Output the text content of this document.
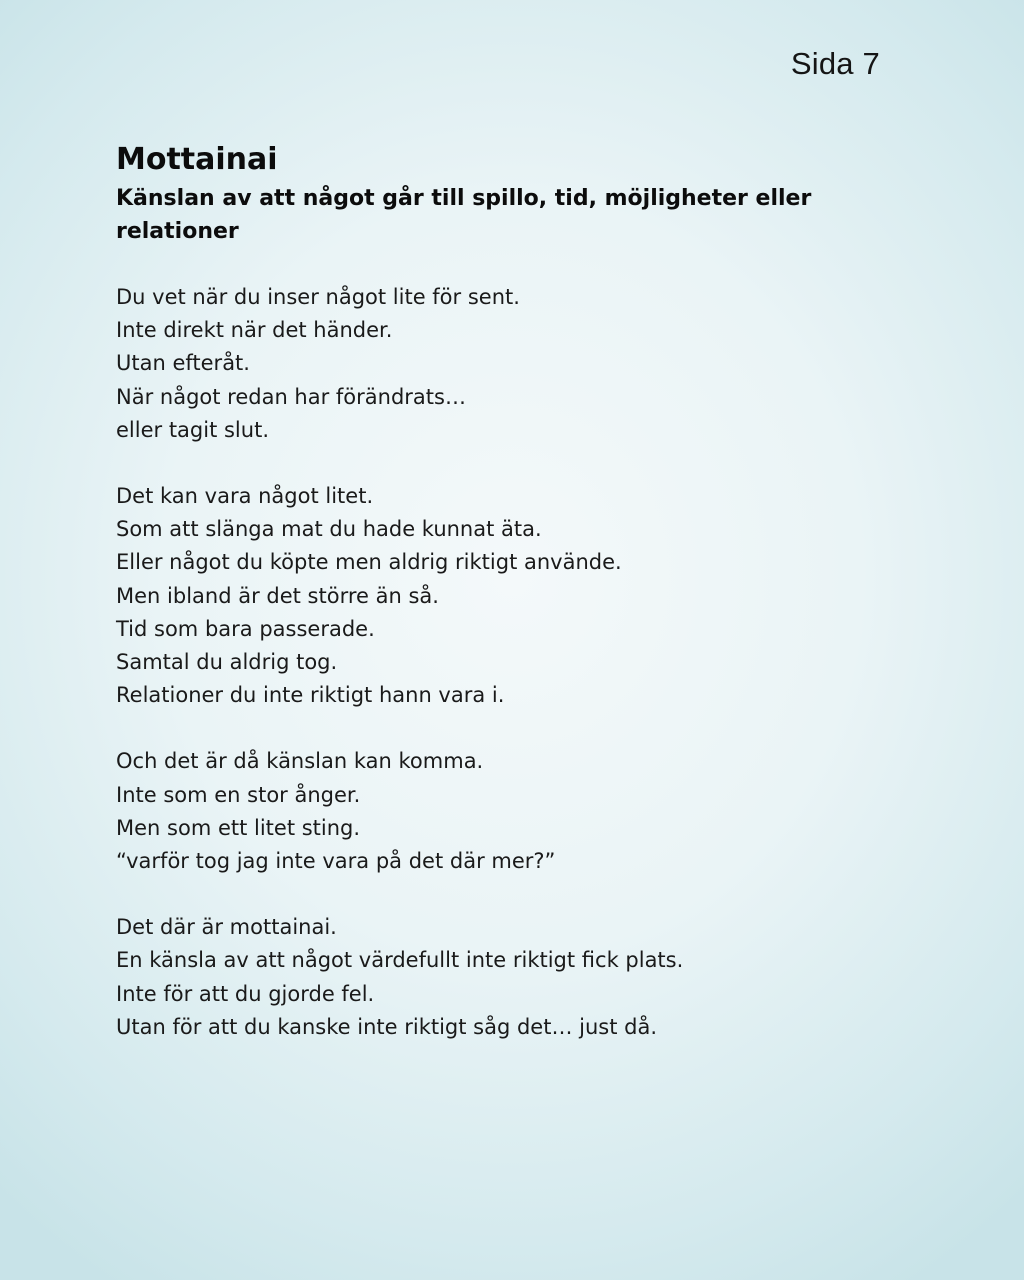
Sida 7
Mottainai
Känslan av att något går till spillo, tid, möjligheter eller relationer
Du vet när du inser något lite för sent.
Inte direkt när det händer.
Utan efteråt.
När något redan har förändrats…
eller tagit slut.
Det kan vara något litet.
Som att slänga mat du hade kunnat äta.
Eller något du köpte men aldrig riktigt använde.
Men ibland är det större än så.
Tid som bara passerade.
Samtal du aldrig tog.
Relationer du inte riktigt hann vara i.
Och det är då känslan kan komma.
Inte som en stor ånger.
Men som ett litet sting.
“varför tog jag inte vara på det där mer?”
Det där är mottainai.
En känsla av att något värdefullt inte riktigt fick plats.
Inte för att du gjorde fel.
Utan för att du kanske inte riktigt såg det… just då.
